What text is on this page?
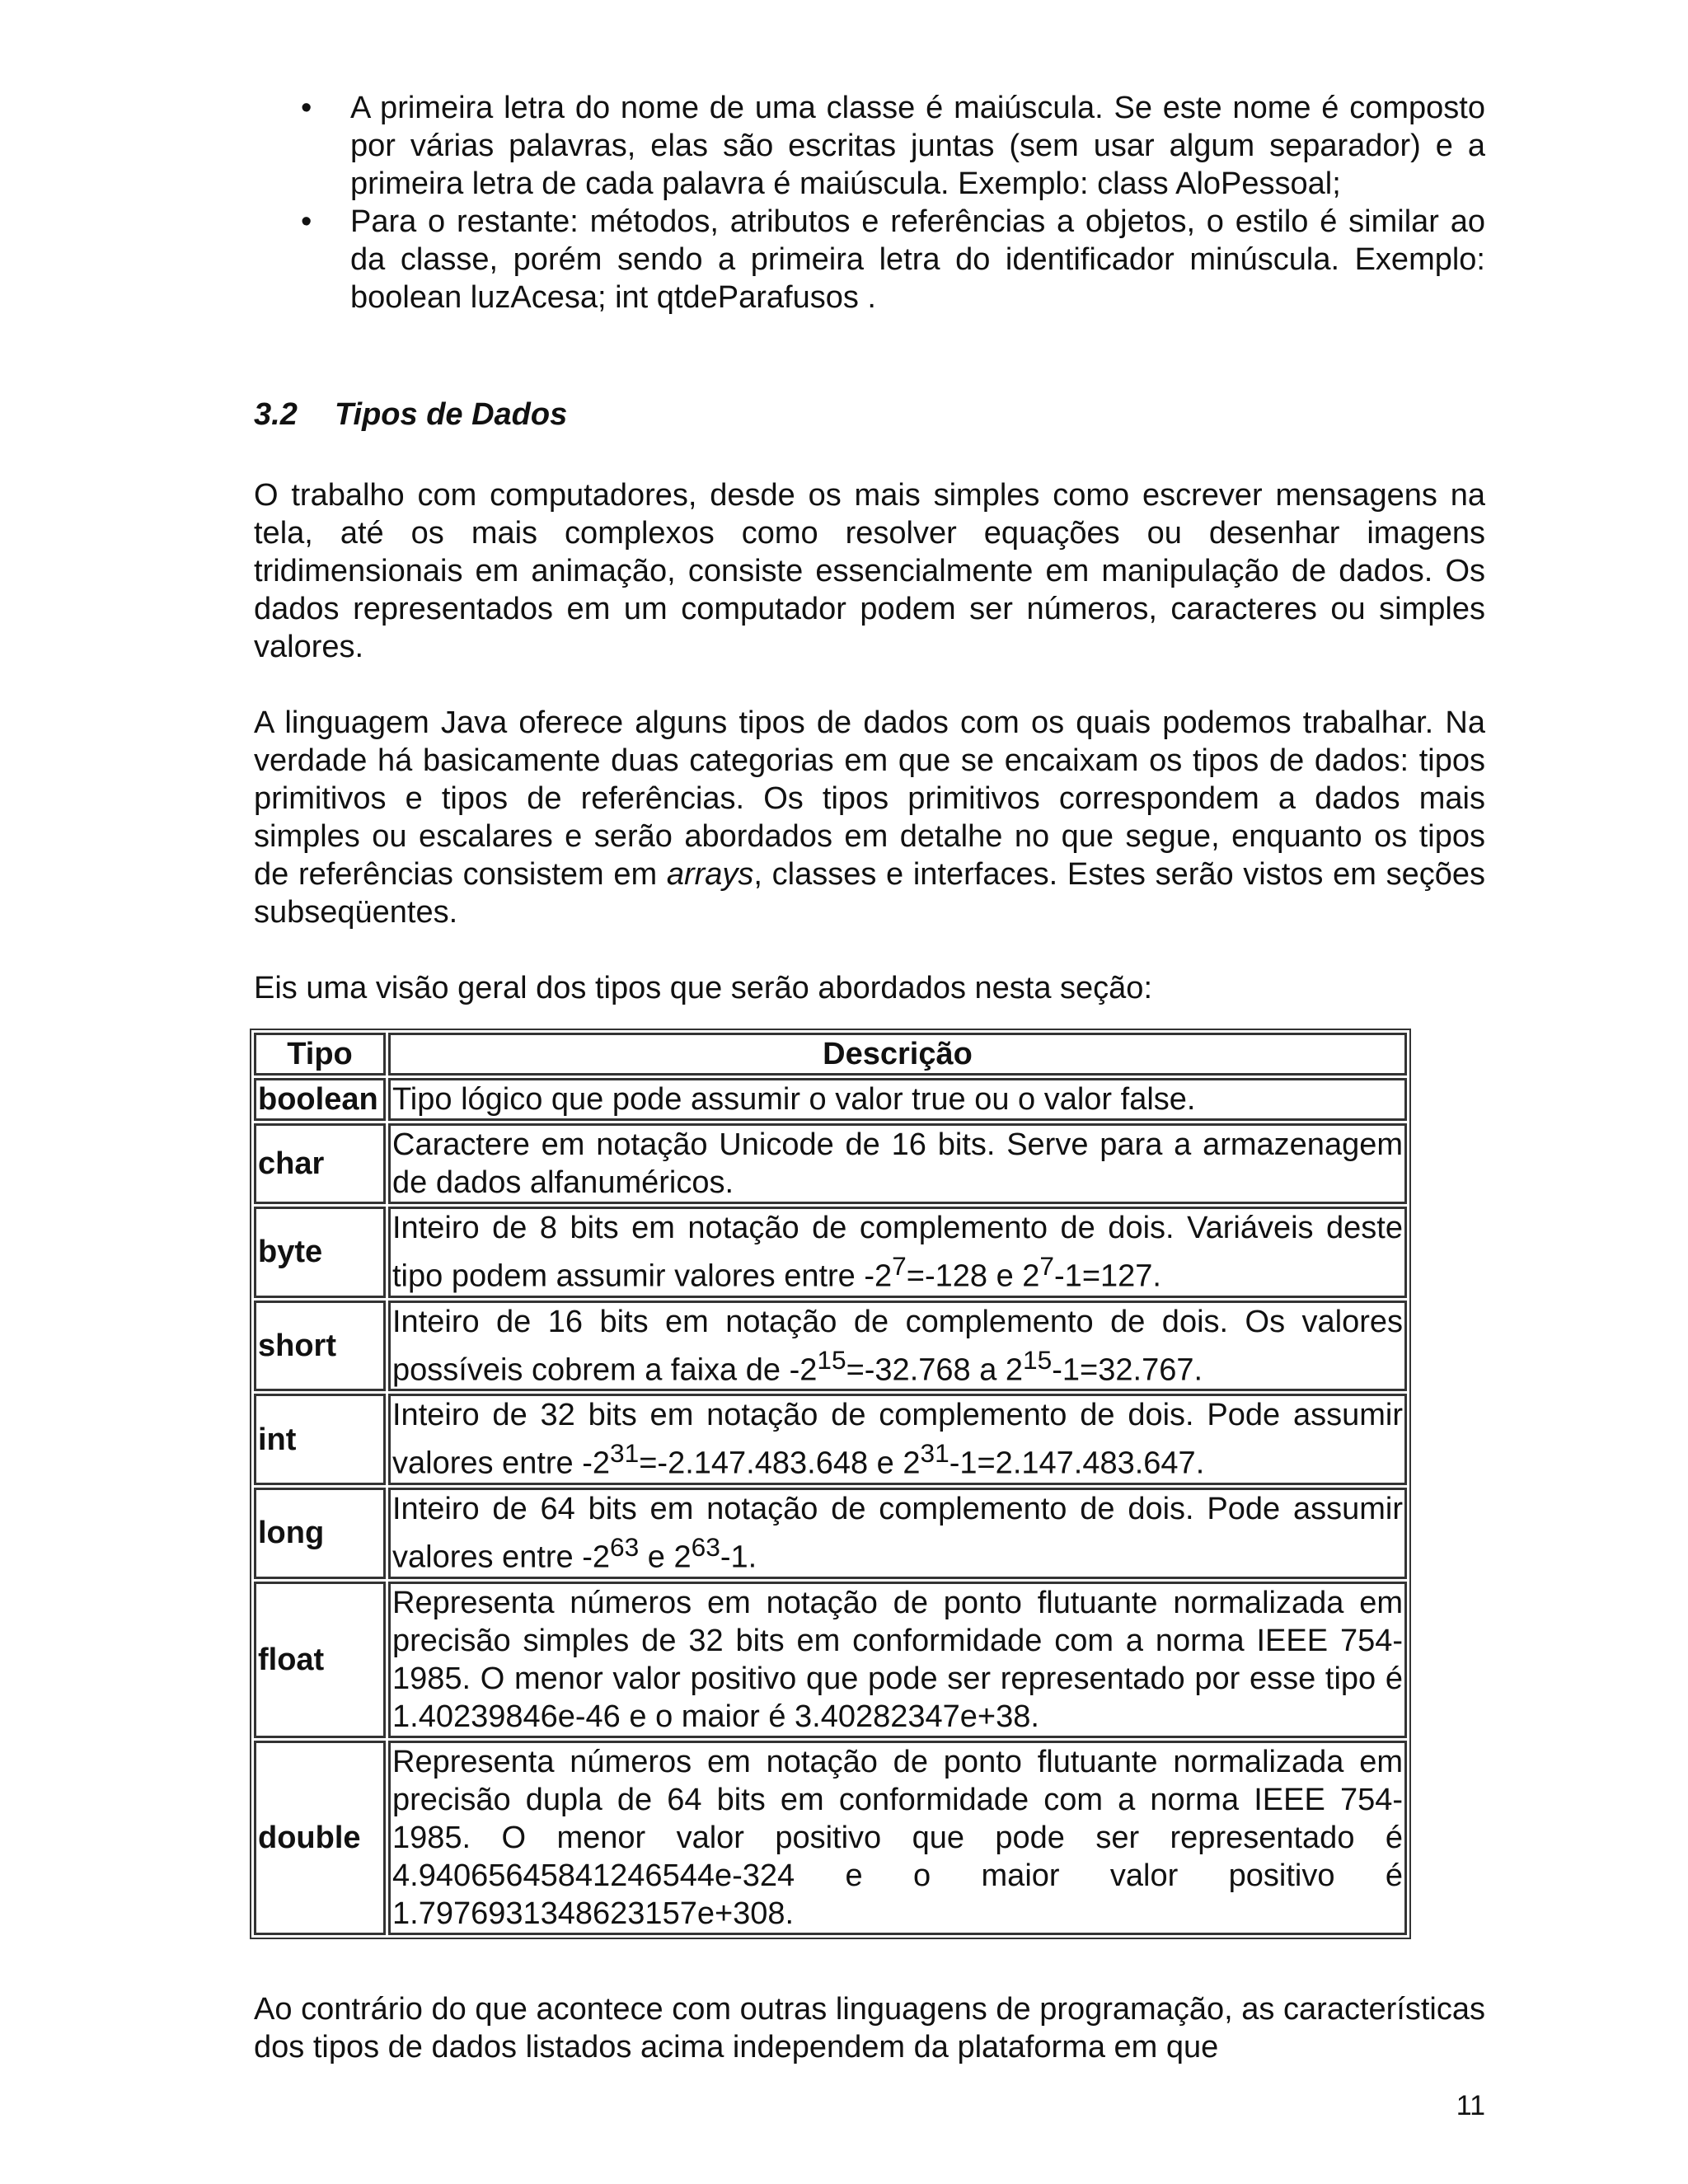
• A primeira letra do nome de uma classe é maiúscula. Se este nome é composto por várias palavras, elas são escritas juntas (sem usar algum separador) e a primeira letra de cada palavra é maiúscula. Exemplo: class AloPessoal;
• Para o restante: métodos, atributos e referências a objetos, o estilo é similar ao da classe, porém sendo a primeira letra do identificador minúscula. Exemplo: boolean luzAcesa; int qtdeParafusos .
3.2 Tipos de Dados

O trabalho com computadores, desde os mais simples como escrever mensagens na tela, até os mais complexos como resolver equações ou desenhar imagens tridimensionais em animação, consiste essencialmente em manipulação de dados. Os dados representados em um computador podem ser números, caracteres ou simples valores.

A linguagem Java oferece alguns tipos de dados com os quais podemos trabalhar. Na verdade há basicamente duas categorias em que se encaixam os tipos de dados: tipos primitivos e tipos de referências. Os tipos primitivos correspondem a dados mais simples ou escalares e serão abordados em detalhe no que segue, enquanto os tipos de referências consistem em arrays, classes e interfaces. Estes serão vistos em seções subseqüentes.

Eis uma visão geral dos tipos que serão abordados nesta seção:

Tipo	Descrição
boolean	Tipo lógico que pode assumir o valor true ou o valor false.
char	Caractere em notação Unicode de 16 bits. Serve para a armazenagem de dados alfanuméricos.
byte	Inteiro de 8 bits em notação de complemento de dois. Variáveis deste tipo podem assumir valores entre $-2^7=-128$ e $2^7-1=127$.
short	Inteiro de 16 bits em notação de complemento de dois. Os valores possíveis cobrem a faixa de $-2^{15}=-32.768$ a $2^{15}-1=32.767$.
int	Inteiro de 32 bits em notação de complemento de dois. Pode assumir valores entre $-2^{31}=-2.147.483.648$ e $2^{31}-1=2.147.483.647$.
long	Inteiro de 64 bits em notação de complemento de dois. Pode assumir valores entre $-2^{63}$ e $2^{63}-1$.
float	Representa números em notação de ponto flutuante normalizada em precisão simples de 32 bits em conformidade com a norma IEEE 754-1985. O menor valor positivo que pode ser representado por esse tipo é 1.40239846e-46 e o maior é 3.40282347e+38.
double	Representa números em notação de ponto flutuante normalizada em precisão dupla de 64 bits em conformidade com a norma IEEE 754-1985. O menor valor positivo que pode ser representado é 4.94065645841246544e-324 e o maior valor positivo é 1.7976931348623157e+308.

Ao contrário do que acontece com outras linguagens de programação, as características dos tipos de dados listados acima independem da plataforma em que

11
